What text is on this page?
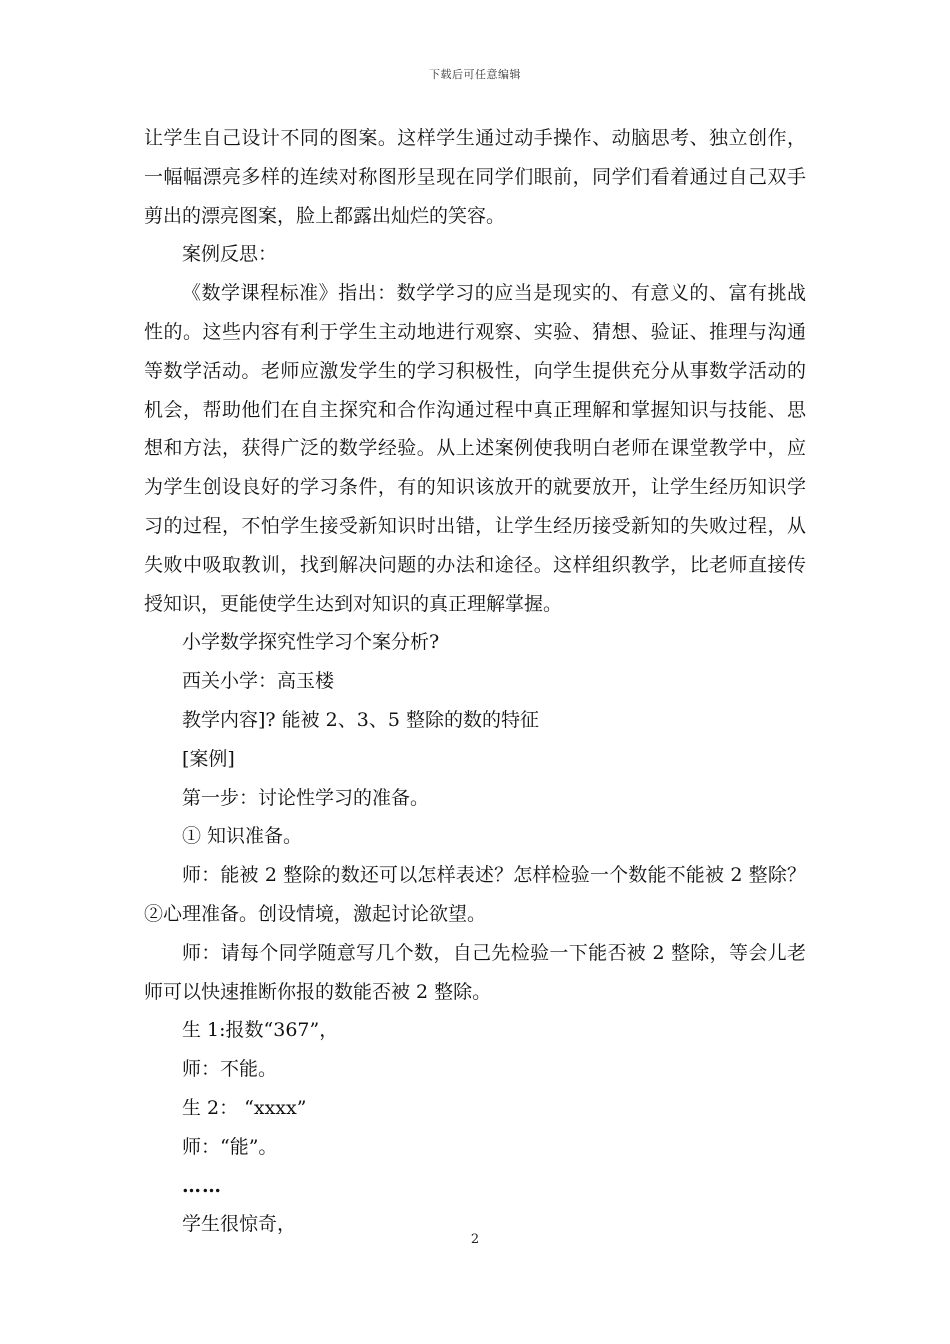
下载后可任意编辑

让学生自己设计不同的图案。这样学生通过动手操作、动脑思考、独立创作，一幅幅漂亮多样的连续对称图形呈现在同学们眼前，同学们看着通过自己双手剪出的漂亮图案，脸上都露出灿烂的笑容。

案例反思：

《数学课程标准》指出：数学学习的应当是现实的、有意义的、富有挑战性的。这些内容有利于学生主动地进行观察、实验、猜想、验证、推理与沟通等数学活动。老师应激发学生的学习积极性，向学生提供充分从事数学活动的机会，帮助他们在自主探究和合作沟通过程中真正理解和掌握知识与技能、思想和方法，获得广泛的数学经验。从上述案例使我明白老师在课堂教学中，应为学生创设良好的学习条件，有的知识该放开的就要放开，让学生经历知识学习的过程，不怕学生接受新知识时出错，让学生经历接受新知的失败过程，从失败中吸取教训，找到解决问题的办法和途径。这样组织教学，比老师直接传授知识，更能使学生达到对知识的真正理解掌握。

小学数学探究性学习个案分析?

西关小学：高玉楼

教学内容]? 能被 2、3、5 整除的数的特征

[案例]

第一步：讨论性学习的准备。

① 知识准备。

师：能被 2 整除的数还可以怎样表述？怎样检验一个数能不能被 2 整除？②心理准备。创设情境，激起讨论欲望。

师：请每个同学随意写几个数，自己先检验一下能否被 2 整除，等会儿老师可以快速推断你报的数能否被 2 整除。

生 1:报数“367”，

师：不能。

生 2： “xxxx”

师：“能”。

……

学生很惊奇，

2
